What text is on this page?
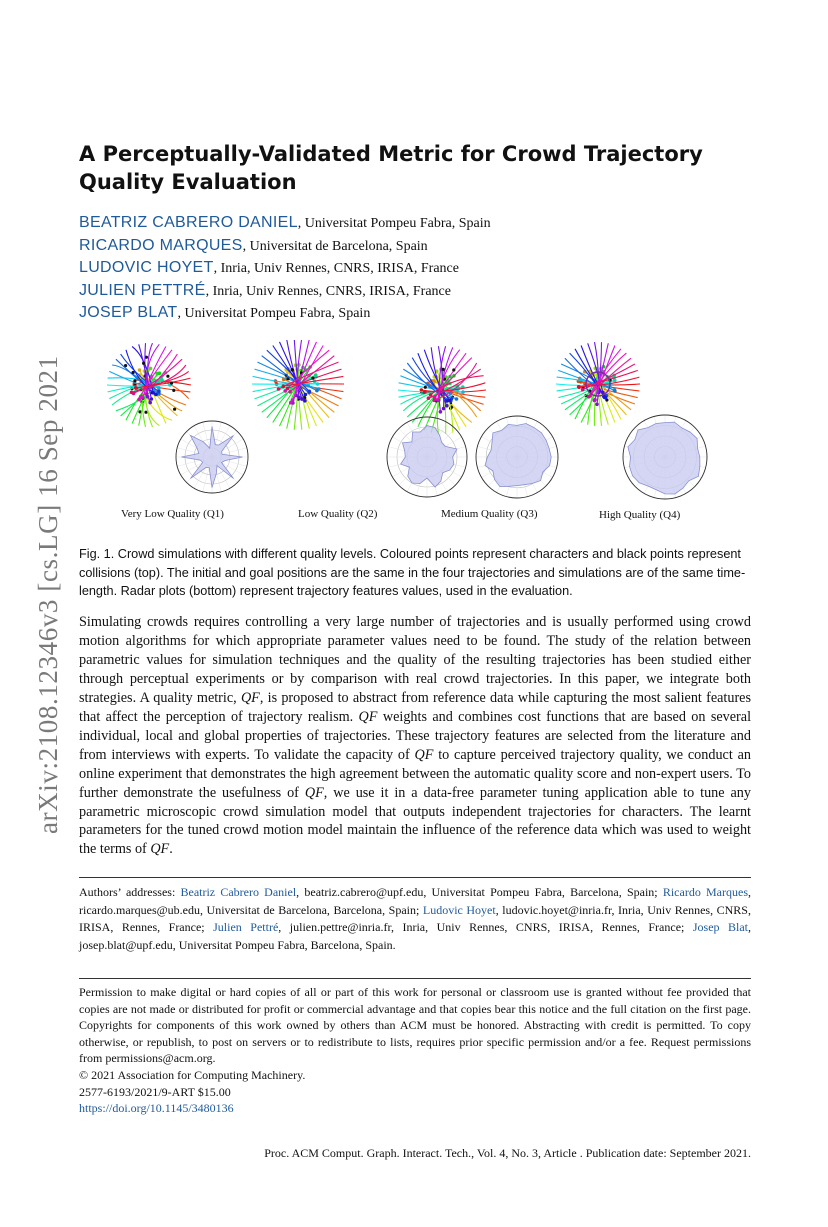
arXiv:2108.12346v3 [cs.LG] 16 Sep 2021
A Perceptually-Validated Metric for Crowd Trajectory Quality Evaluation
BEATRIZ CABRERO DANIEL, Universitat Pompeu Fabra, Spain
RICARDO MARQUES, Universitat de Barcelona, Spain
LUDOVIC HOYET, Inria, Univ Rennes, CNRS, IRISA, France
JULIEN PETTRÉ, Inria, Univ Rennes, CNRS, IRISA, France
JOSEP BLAT, Universitat Pompeu Fabra, Spain
Very Low Quality (Q1)	Low Quality (Q2)	Medium Quality (Q3)	High Quality (Q4)
Fig. 1. Crowd simulations with different quality levels. Coloured points represent characters and black points represent collisions (top). The initial and goal positions are the same in the four trajectories and simulations are of the same time-length. Radar plots (bottom) represent trajectory features values, used in the evaluation.
Simulating crowds requires controlling a very large number of trajectories and is usually performed using crowd motion algorithms for which appropriate parameter values need to be found. The study of the relation between parametric values for simulation techniques and the quality of the resulting trajectories has been studied either through perceptual experiments or by comparison with real crowd trajectories. In this paper, we integrate both strategies. A quality metric, QF, is proposed to abstract from reference data while capturing the most salient features that affect the perception of trajectory realism. QF weights and combines cost functions that are based on several individual, local and global properties of trajectories. These trajectory features are selected from the literature and from interviews with experts. To validate the capacity of QF to capture perceived trajectory quality, we conduct an online experiment that demonstrates the high agreement between the automatic quality score and non-expert users. To further demonstrate the usefulness of QF, we use it in a data-free parameter tuning application able to tune any parametric microscopic crowd simulation model that outputs independent trajectories for characters. The learnt parameters for the tuned crowd motion model maintain the influence of the reference data which was used to weight the terms of QF.
Authors’ addresses: Beatriz Cabrero Daniel, beatriz.cabrero@upf.edu, Universitat Pompeu Fabra, Barcelona, Spain; Ricardo Marques, ricardo.marques@ub.edu, Universitat de Barcelona, Barcelona, Spain; Ludovic Hoyet, ludovic.hoyet@inria.fr, Inria, Univ Rennes, CNRS, IRISA, Rennes, France; Julien Pettré, julien.pettre@inria.fr, Inria, Univ Rennes, CNRS, IRISA, Rennes, France; Josep Blat, josep.blat@upf.edu, Universitat Pompeu Fabra, Barcelona, Spain.
Permission to make digital or hard copies of all or part of this work for personal or classroom use is granted without fee provided that copies are not made or distributed for profit or commercial advantage and that copies bear this notice and the full citation on the first page. Copyrights for components of this work owned by others than ACM must be honored. Abstracting with credit is permitted. To copy otherwise, or republish, to post on servers or to redistribute to lists, requires prior specific permission and/or a fee. Request permissions from permissions@acm.org.
© 2021 Association for Computing Machinery.
2577-6193/2021/9-ART $15.00
https://doi.org/10.1145/3480136
Proc. ACM Comput. Graph. Interact. Tech., Vol. 4, No. 3, Article . Publication date: September 2021.
